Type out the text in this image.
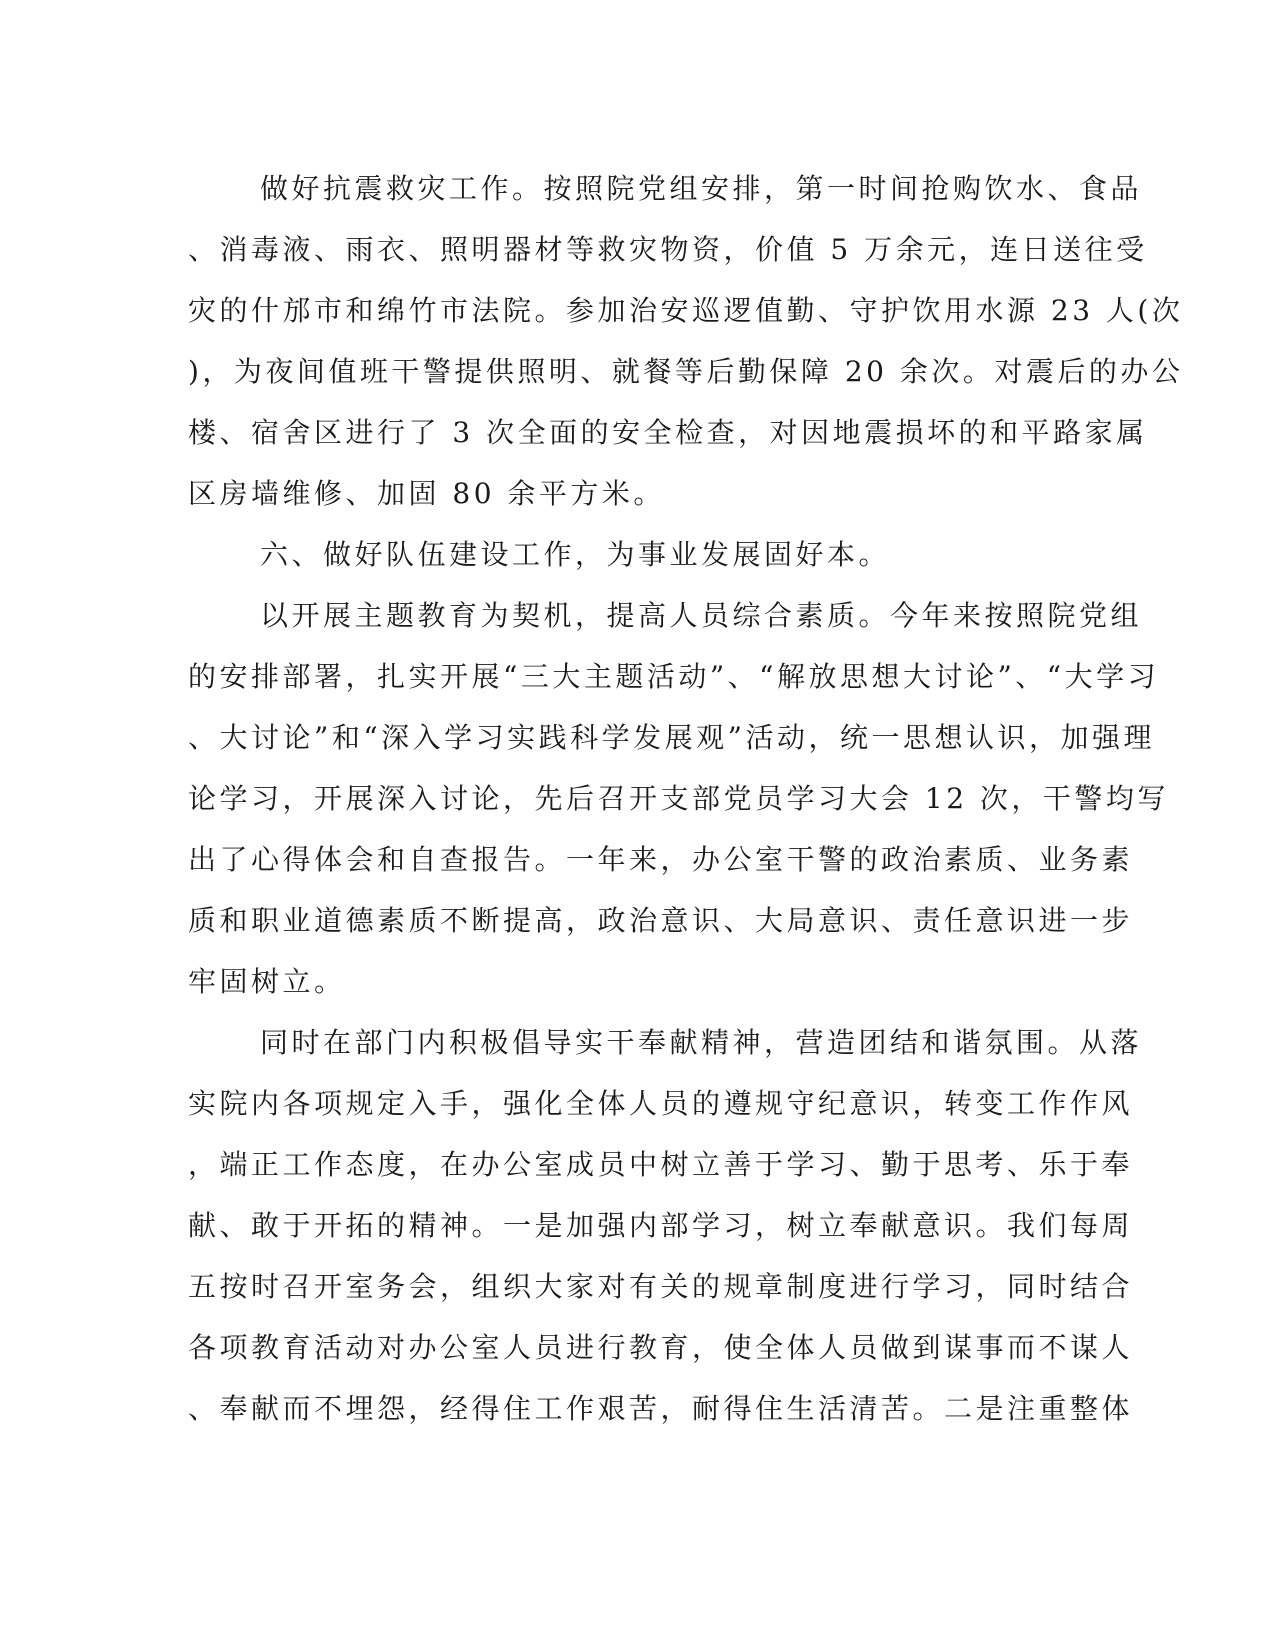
做好抗震救灾工作。按照院党组安排，第一时间抢购饮水、食品
、消毒液、雨衣、照明器材等救灾物资，价值 5 万余元，连日送往受
灾的什邡市和绵竹市法院。参加治安巡逻值勤、守护饮用水源 23 人(次
)，为夜间值班干警提供照明、就餐等后勤保障 20 余次。对震后的办公
楼、宿舍区进行了 3 次全面的安全检查，对因地震损坏的和平路家属
区房墙维修、加固 80 余平方米。
六、做好队伍建设工作，为事业发展固好本。
以开展主题教育为契机，提高人员综合素质。今年来按照院党组
的安排部署，扎实开展“三大主题活动”、“解放思想大讨论”、“大学习
、大讨论”和“深入学习实践科学发展观”活动，统一思想认识，加强理
论学习，开展深入讨论，先后召开支部党员学习大会 12 次，干警均写
出了心得体会和自查报告。一年来，办公室干警的政治素质、业务素
质和职业道德素质不断提高，政治意识、大局意识、责任意识进一步
牢固树立。
同时在部门内积极倡导实干奉献精神，营造团结和谐氛围。从落
实院内各项规定入手，强化全体人员的遵规守纪意识，转变工作作风
，端正工作态度，在办公室成员中树立善于学习、勤于思考、乐于奉
献、敢于开拓的精神。一是加强内部学习，树立奉献意识。我们每周
五按时召开室务会，组织大家对有关的规章制度进行学习，同时结合
各项教育活动对办公室人员进行教育，使全体人员做到谋事而不谋人
、奉献而不埋怨，经得住工作艰苦，耐得住生活清苦。二是注重整体
